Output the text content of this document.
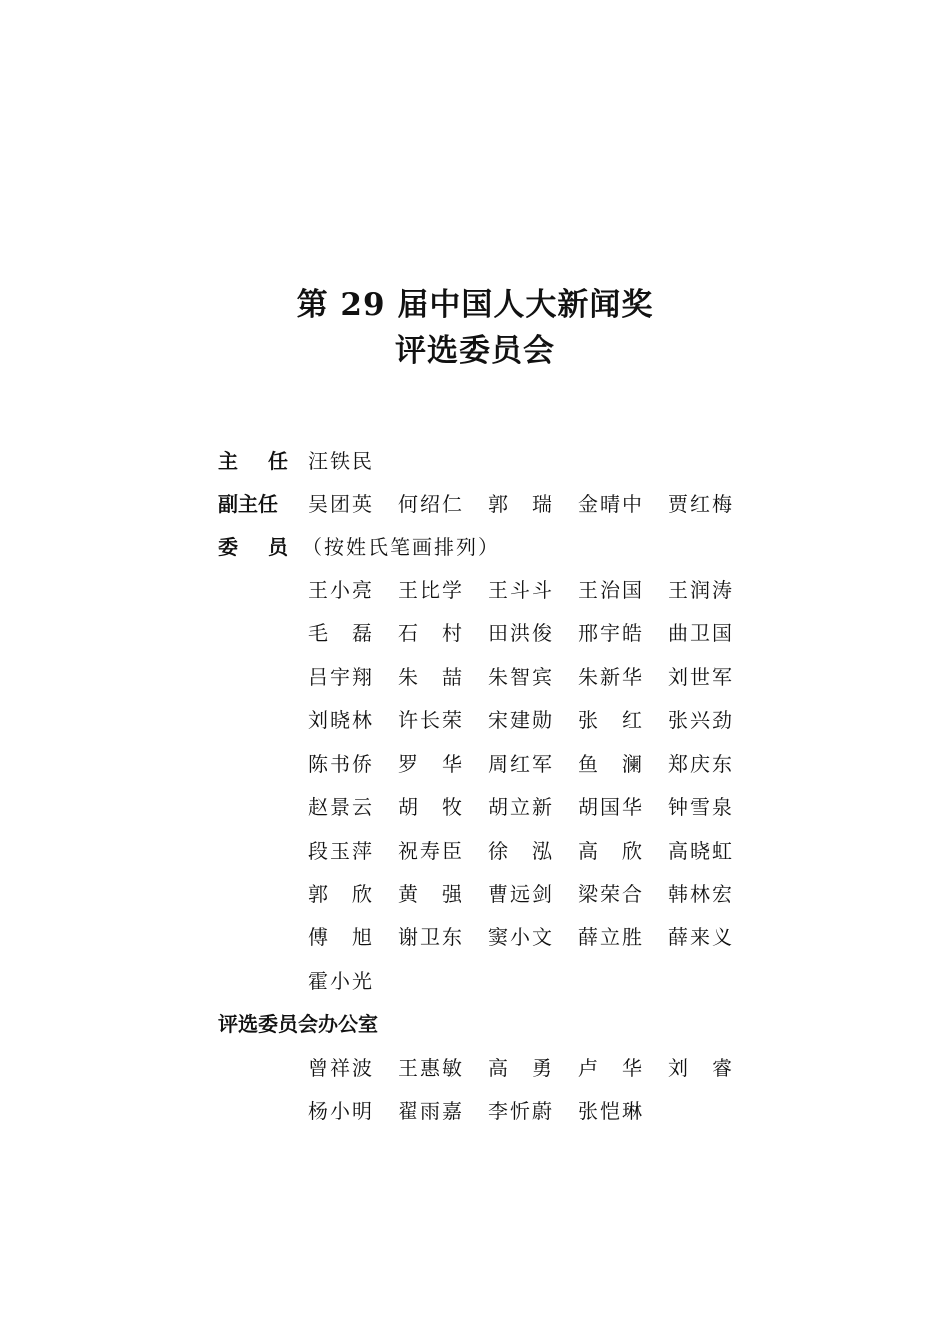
第 29 届中国人大新闻奖
评选委员会
主 任 汪铁民
副主任 吴团英	何绍仁	郭　瑞	金晴中	贾红梅
委 员 （按姓氏笔画排列）
王小亮	王比学	王斗斗	王治国	王润涛
毛　磊	石　村	田洪俊	邢宇皓	曲卫国
吕宇翔	朱　喆	朱智宾	朱新华	刘世军
刘晓林	许长荣	宋建勋	张　红	张兴劲
陈书侨	罗　华	周红军	鱼　澜	郑庆东
赵景云	胡　牧	胡立新	胡国华	钟雪泉
段玉萍	祝寿臣	徐　泓	高　欣	高晓虹
郭　欣	黄　强	曹远剑	梁荣合	韩林宏
傅　旭	谢卫东	窦小文	薛立胜	薛来义
霍小光
评选委员会办公室
曾祥波	王惠敏	高　勇	卢　华	刘　睿
杨小明	翟雨嘉	李忻蔚	张恺琳
